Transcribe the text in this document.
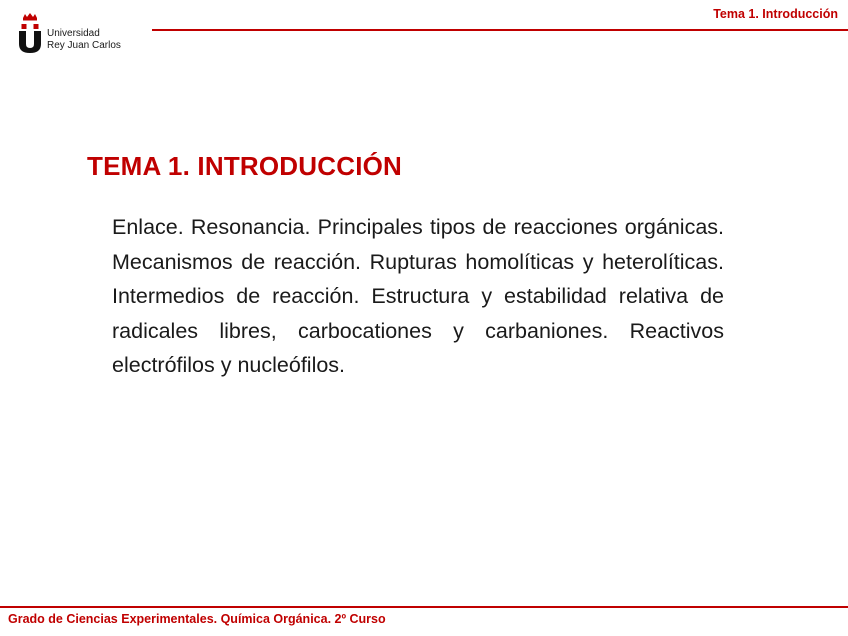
Universidad
Rey Juan Carlos
Tema 1. Introducción
TEMA 1. INTRODUCCIÓN
Enlace. Resonancia. Principales tipos de reacciones orgánicas. Mecanismos de reacción. Rupturas homolíticas y heterolíticas. Intermedios de reacción. Estructura y estabilidad relativa de radicales libres, carbocationes y carbaniones. Reactivos electrófilos y nucleófilos.
Grado de Ciencias Experimentales. Química Orgánica. 2º Curso
